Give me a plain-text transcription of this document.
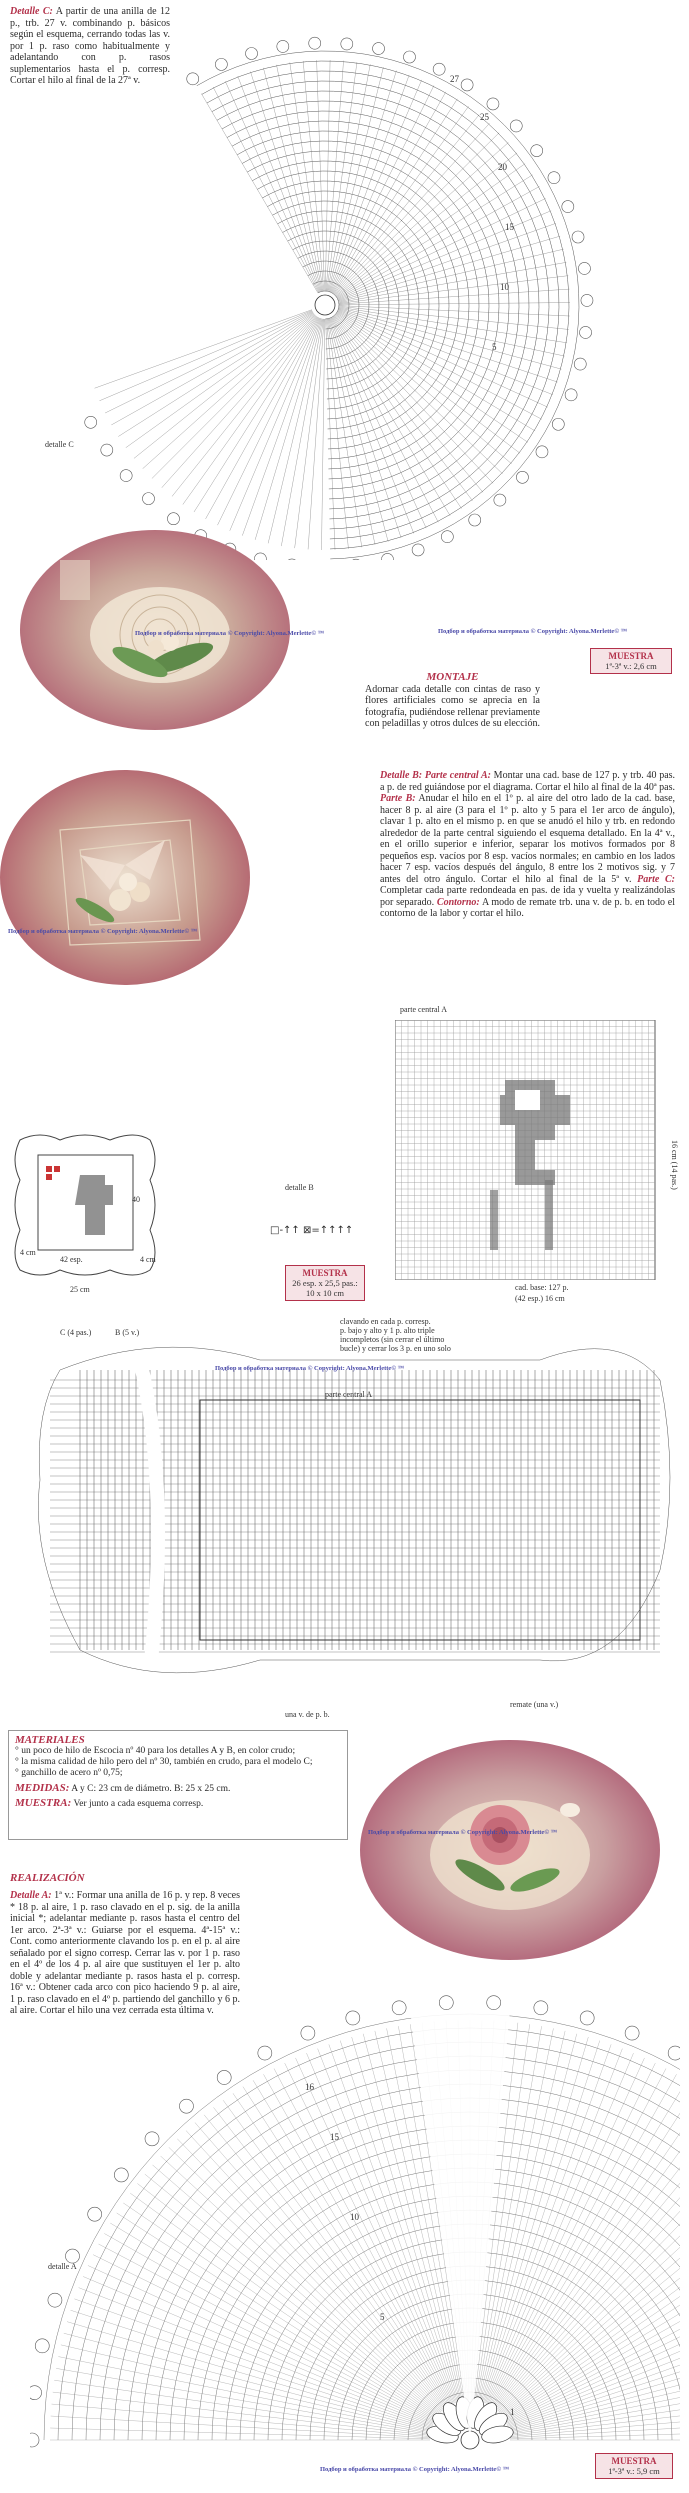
Detalle C: A partir de una anilla de 12 p., trb. 27 v. combinando p. básicos según el esquema, cerrando todas las v. por 1 p. raso como habitualmente y adelantando con p. rasos suplementarios hasta el p. corresp. Cortar el hilo al final de la 27ª v.	27
25
20
15
10
5
detalle C
Подбор и обработка материала © Copyright: Alyona.Merlette© ™	Подбор и обработка материала © Copyright: Alyona.Merlette© ™
MUESTRA
1ª-3ª v.: 2,6 cm
MONTAJE
Adornar cada detalle con cintas de raso y flores artificiales como se aprecia en la fotografía, pudiéndose rellenar previamente con peladillas y otros dulces de su elección.
Подбор и обработка материала © Copyright: Alyona.Merlette© ™
Detalle B: Parte central A: Montar una cad. base de 127 p. y trb. 40 pas. a p. de red guiándose por el diagrama. Cortar el hilo al final de la 40ª pas. Parte B: Anudar el hilo en el 1º p. al aire del otro lado de la cad. base, hacer 8 p. al aire (3 para el 1º p. alto y 5 para el 1er arco de ángulo), clavar 1 p. alto en el mismo p. en que se anudó el hilo y trb. en redondo alrededor de la parte central siguiendo el esquema detallado. En la 4ª v., en el orillo superior e inferior, separar los motivos formados por 8 pequeños esp. vacíos por 8 esp. vacíos normales; en cambio en los lados hacer 7 esp. vacíos después del ángulo, 8 entre los 2 motivos sig. y 7 antes del otro ángulo. Cortar el hilo al final de la 5ª v. Parte C: Completar cada parte redondeada en pas. de ida y vuelta y realizándolas por separado. Contorno: A modo de remate trb. una v. de p. b. en todo el contorno de la labor y cortar el hilo.
parte central A
16 cm (14 pas.)
cad. base: 127 p.
(42 esp.) 16 cm
40
4 cm
42 esp.
25 cm
4 cm
detalle B
□-↑↑ ⊠=↑↑↑↑
MUESTRA
26 esp. x 25,5 pas.: 10 x 10 cm
clavando en cada p. corresp.
p. bajo y alto y 1 p. alto triple
incompletos (sin cerrar el último
bucle) y cerrar los 3 p. en uno solo
Подбор и обработка материала © Copyright: Alyona.Merlette© ™
C (4 pas.)	B (5 v.)
parte central A
una v. de p. b.
remate (una v.)
MATERIALES
° un poco de hilo de Escocia nº 40 para los detalles A y B, en color crudo;
° la misma calidad de hilo pero del nº 30, también en crudo, para el modelo C;
° ganchillo de acero nº 0,75;
MEDIDAS: A y C: 23 cm de diámetro. B: 25 x 25 cm.
MUESTRA: Ver junto a cada esquema corresp.
Подбор и обработка материала © Copyright: Alyona.Merlette© ™
REALIZACIÓN
Detalle A: 1ª v.: Formar una anilla de 16 p. y rep. 8 veces * 18 p. al aire, 1 p. raso clavado en el p. sig. de la anilla inicial *; adelantar mediante p. rasos hasta el centro del 1er arco. 2ª-3ª v.: Guiarse por el esquema. 4ª-15ª v.: Cont. como anteriormente clavando los p. en el p. al aire señalado por el signo corresp. Cerrar las v. por 1 p. raso en el 4º de los 4 p. al aire que sustituyen el 1er p. alto doble y adelantar mediante p. rasos hasta el p. corresp. 16ª v.: Obtener cada arco con pico haciendo 9 p. al aire, 1 p. raso clavado en el 4º p. partiendo del ganchillo y 6 p. al aire. Cortar el hilo una vez cerrada esta última v.
16
15
10
5
1
detalle A
Подбор и обработка материала © Copyright: Alyona.Merlette© ™
MUESTRA
1ª-3ª v.: 5,9 cm
